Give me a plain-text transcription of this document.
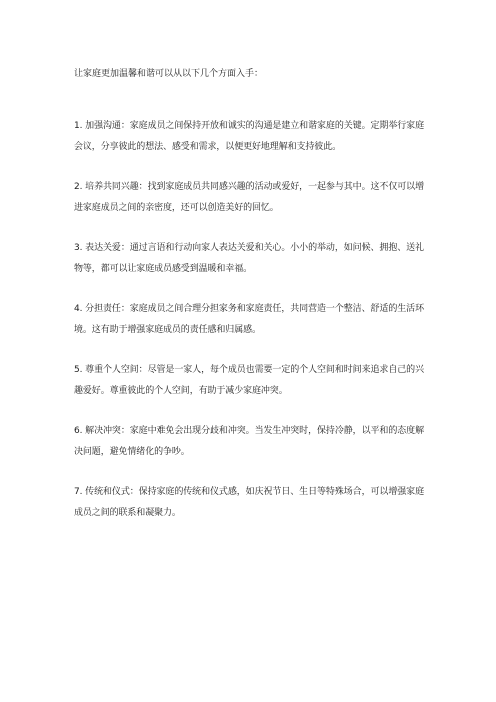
让家庭更加温馨和谐可以从以下几个方面入手：

1. 加强沟通：家庭成员之间保持开放和诚实的沟通是建立和谐家庭的关键。定期举行家庭会议，分享彼此的想法、感受和需求，以便更好地理解和支持彼此。

2. 培养共同兴趣：找到家庭成员共同感兴趣的活动或爱好，一起参与其中。这不仅可以增进家庭成员之间的亲密度，还可以创造美好的回忆。

3. 表达关爱：通过言语和行动向家人表达关爱和关心。小小的举动，如问候、拥抱、送礼物等，都可以让家庭成员感受到温暖和幸福。

4. 分担责任：家庭成员之间合理分担家务和家庭责任，共同营造一个整洁、舒适的生活环境。这有助于增强家庭成员的责任感和归属感。

5. 尊重个人空间：尽管是一家人，每个成员也需要一定的个人空间和时间来追求自己的兴趣爱好。尊重彼此的个人空间，有助于减少家庭冲突。

6. 解决冲突：家庭中难免会出现分歧和冲突。当发生冲突时，保持冷静，以平和的态度解决问题，避免情绪化的争吵。

7. 传统和仪式：保持家庭的传统和仪式感，如庆祝节日、生日等特殊场合，可以增强家庭成员之间的联系和凝聚力。
